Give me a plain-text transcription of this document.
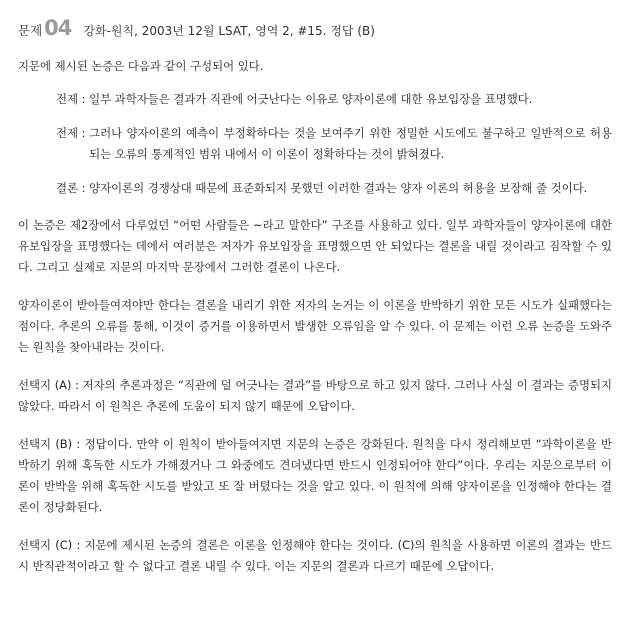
문제 04 강화-원칙, 2003년 12월 LSAT, 영역 2, #15. 정답 (B)

지문에 제시된 논증은 다음과 같이 구성되어 있다.

전제 : 일부 과학자들은 결과가 직관에 어긋난다는 이유로 양자이론에 대한 유보입장을 표명했다.
전제 : 그러나 양자이론의 예측이 부정확하다는 것을 보여주기 위한 정밀한 시도에도 불구하고 일반적으로 허용되는 오류의 통계적인 범위 내에서 이 이론이 정확하다는 것이 밝혀졌다.
결론 : 양자이론의 경쟁상대 때문에 표준화되지 못했던 이러한 결과는 양자 이론의 허용을 보장해 줄 것이다.

이 논증은 제2장에서 다루었던 “어떤 사람들은 ~라고 말한다” 구조를 사용하고 있다. 일부 과학자들이 양자이론에 대한 유보입장을 표명했다는 데에서 여러분은 저자가 유보입장을 표명했으면 안 되었다는 결론을 내릴 것이라고 짐작할 수 있다. 그리고 실제로 지문의 마지막 문장에서 그러한 결론이 나온다.

양자이론이 받아들여져야만 한다는 결론을 내리기 위한 저자의 논거는 이 이론을 반박하기 위한 모든 시도가 실패했다는 점이다. 추론의 오류를 통해, 이것이 증거를 이용하면서 발생한 오류임을 알 수 있다. 이 문제는 이런 오류 논증을 도와주는 원칙을 찾아내라는 것이다.

선택지 (A) : 저자의 추론과정은 “직관에 덜 어긋나는 결과”를 바탕으로 하고 있지 않다. 그러나 사실 이 결과는 증명되지 않았다. 따라서 이 원칙은 추론에 도움이 되지 않기 때문에 오답이다.

선택지 (B) : 정답이다. 만약 이 원칙이 받아들여지면 지문의 논증은 강화된다. 원칙을 다시 정리해보면 “과학이론을 반박하기 위해 혹독한 시도가 가해졌거나 그 와중에도 견뎌냈다면 반드시 인정되어야 한다”이다. 우리는 지문으로부터 이론이 반박을 위해 혹독한 시도를 받았고 또 잘 버텼다는 것을 알고 있다. 이 원칙에 의해 양자이론을 인정해야 한다는 결론이 정당화된다.

선택지 (C) : 지문에 제시된 논증의 결론은 이론을 인정해야 한다는 것이다. (C)의 원칙을 사용하면 이론의 결과는 반드시 반직관적이라고 할 수 없다고 결론 내릴 수 있다. 이는 지문의 결론과 다르기 때문에 오답이다.
